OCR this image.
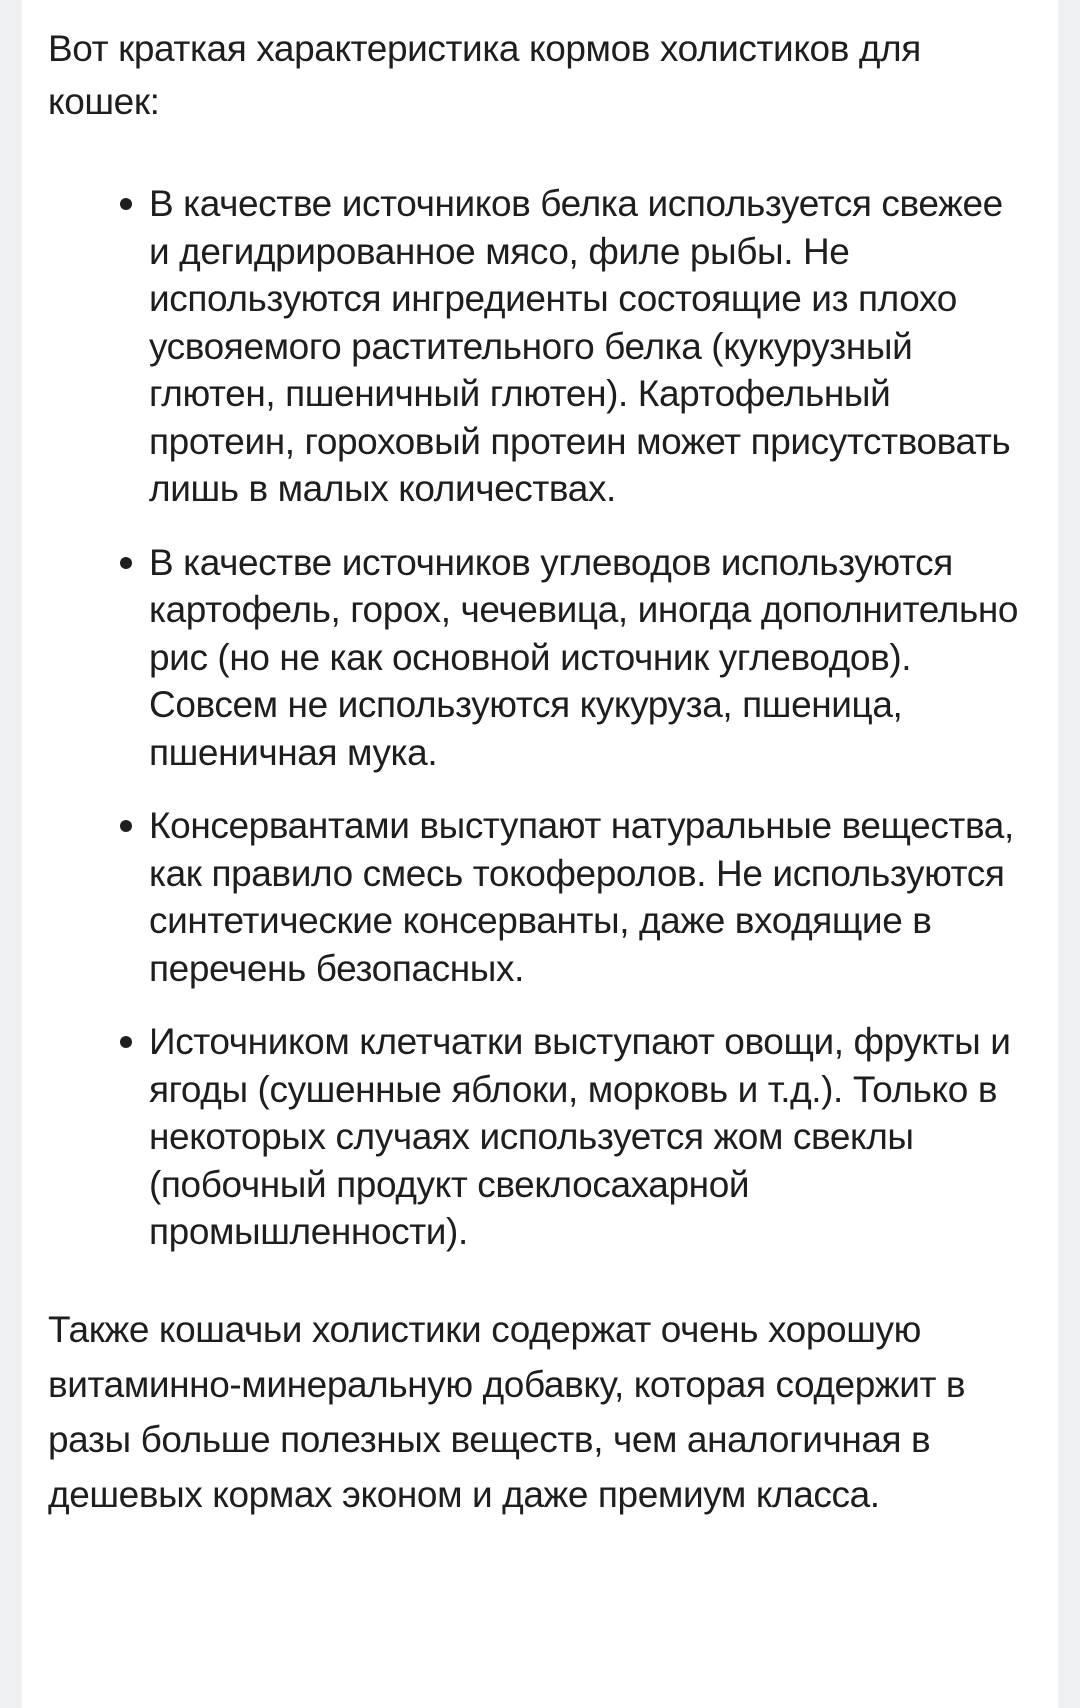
Вот краткая характеристика кормов холистиков для кошек:

В качестве источников белка используется свежее и дегидрированное мясо, филе рыбы. Не используются ингредиенты состоящие из плохо усвояемого растительного белка (кукурузный глютен, пшеничный глютен). Картофельный протеин, гороховый протеин может присутствовать лишь в малых количествах.
В качестве источников углеводов используются картофель, горох, чечевица, иногда дополнительно рис (но не как основной источник углеводов). Совсем не используются кукуруза, пшеница, пшеничная мука.
Консервантами выступают натуральные вещества, как правило смесь токоферолов. Не используются синтетические консерванты, даже входящие в перечень безопасных.
Источником клетчатки выступают овощи, фрукты и ягоды (сушенные яблоки, морковь и т.д.). Только в некоторых случаях используется жом свеклы (побочный продукт свеклосахарной промышленности).

Также кошачьи холистики содержат очень хорошую витаминно-минеральную добавку, которая содержит в разы больше полезных веществ, чем аналогичная в дешевых кормах эконом и даже премиум класса.
